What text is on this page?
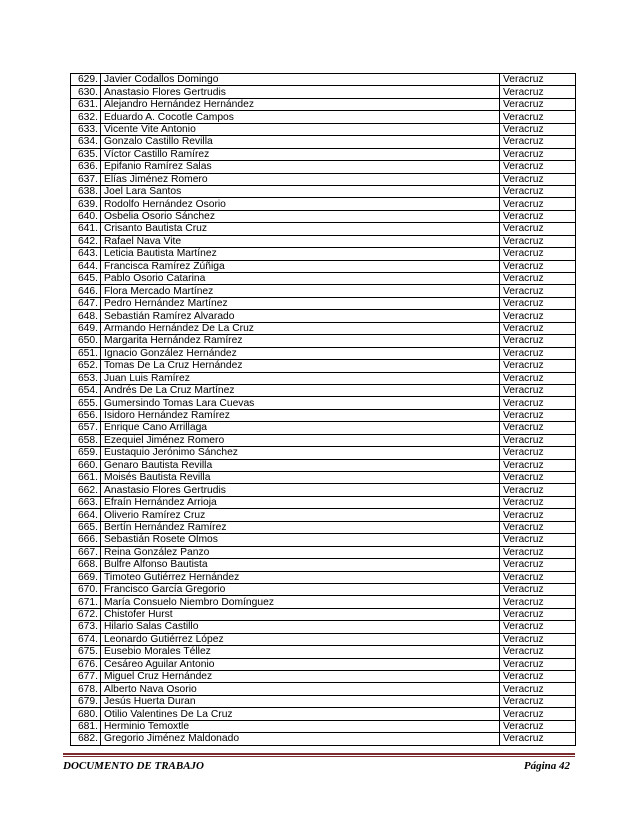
629.	Javier Codallos Domingo	Veracruz
630.	Anastasio Flores Gertrudis	Veracruz
631.	Alejandro Hernández Hernández	Veracruz
632.	Eduardo A. Cocotle Campos	Veracruz
633.	Vicente Vite Antonio	Veracruz
634.	Gonzalo Castillo Revilla	Veracruz
635.	Víctor Castillo Ramírez	Veracruz
636.	Epifanio Ramírez Salas	Veracruz
637.	Elías Jiménez Romero	Veracruz
638.	Joel Lara Santos	Veracruz
639.	Rodolfo Hernández Osorio	Veracruz
640.	Osbelia Osorio Sánchez	Veracruz
641.	Crisanto Bautista Cruz	Veracruz
642.	Rafael Nava Vite	Veracruz
643.	Leticia Bautista Martínez	Veracruz
644.	Francisca Ramírez Zúñiga	Veracruz
645.	Pablo Osorio Catarina	Veracruz
646.	Flora Mercado Martínez	Veracruz
647.	Pedro Hernández Martínez	Veracruz
648.	Sebastián Ramírez Alvarado	Veracruz
649.	Armando Hernández De La Cruz	Veracruz
650.	Margarita Hernández Ramírez	Veracruz
651.	Ignacio González Hernández	Veracruz
652.	Tomas De La Cruz Hernández	Veracruz
653.	Juan Luis Ramírez	Veracruz
654.	Andrés De La Cruz Martínez	Veracruz
655.	Gumersindo Tomas Lara Cuevas	Veracruz
656.	Isidoro Hernández Ramírez	Veracruz
657.	Enrique Cano Arrillaga	Veracruz
658.	Ezequiel Jiménez Romero	Veracruz
659.	Eustaquio Jerónimo Sánchez	Veracruz
660.	Genaro Bautista Revilla	Veracruz
661.	Moisés Bautista Revilla	Veracruz
662.	Anastasio Flores Gertrudis	Veracruz
663.	Efraín Hernández Arrioja	Veracruz
664.	Oliverio Ramírez Cruz	Veracruz
665.	Bertín Hernández Ramírez	Veracruz
666.	Sebastián Rosete Olmos	Veracruz
667.	Reina González Panzo	Veracruz
668.	Bulfre Alfonso Bautista	Veracruz
669.	Timoteo Gutiérrez Hernández	Veracruz
670.	Francisco García Gregorio	Veracruz
671.	María Consuelo Niembro Domínguez	Veracruz
672.	Chistofer Hurst	Veracruz
673.	Hilario Salas Castillo	Veracruz
674.	Leonardo Gutiérrez López	Veracruz
675.	Eusebio Morales Téllez	Veracruz
676.	Cesáreo Aguilar Antonio	Veracruz
677.	Miguel Cruz Hernández	Veracruz
678.	Alberto Nava Osorio	Veracruz
679.	Jesús Huerta Duran	Veracruz
680.	Otilio Valentines De La Cruz	Veracruz
681.	Herminio Temoxtle	Veracruz
682.	Gregorio Jiménez Maldonado	Veracruz
DOCUMENTO DE TRABAJO	Página 42
